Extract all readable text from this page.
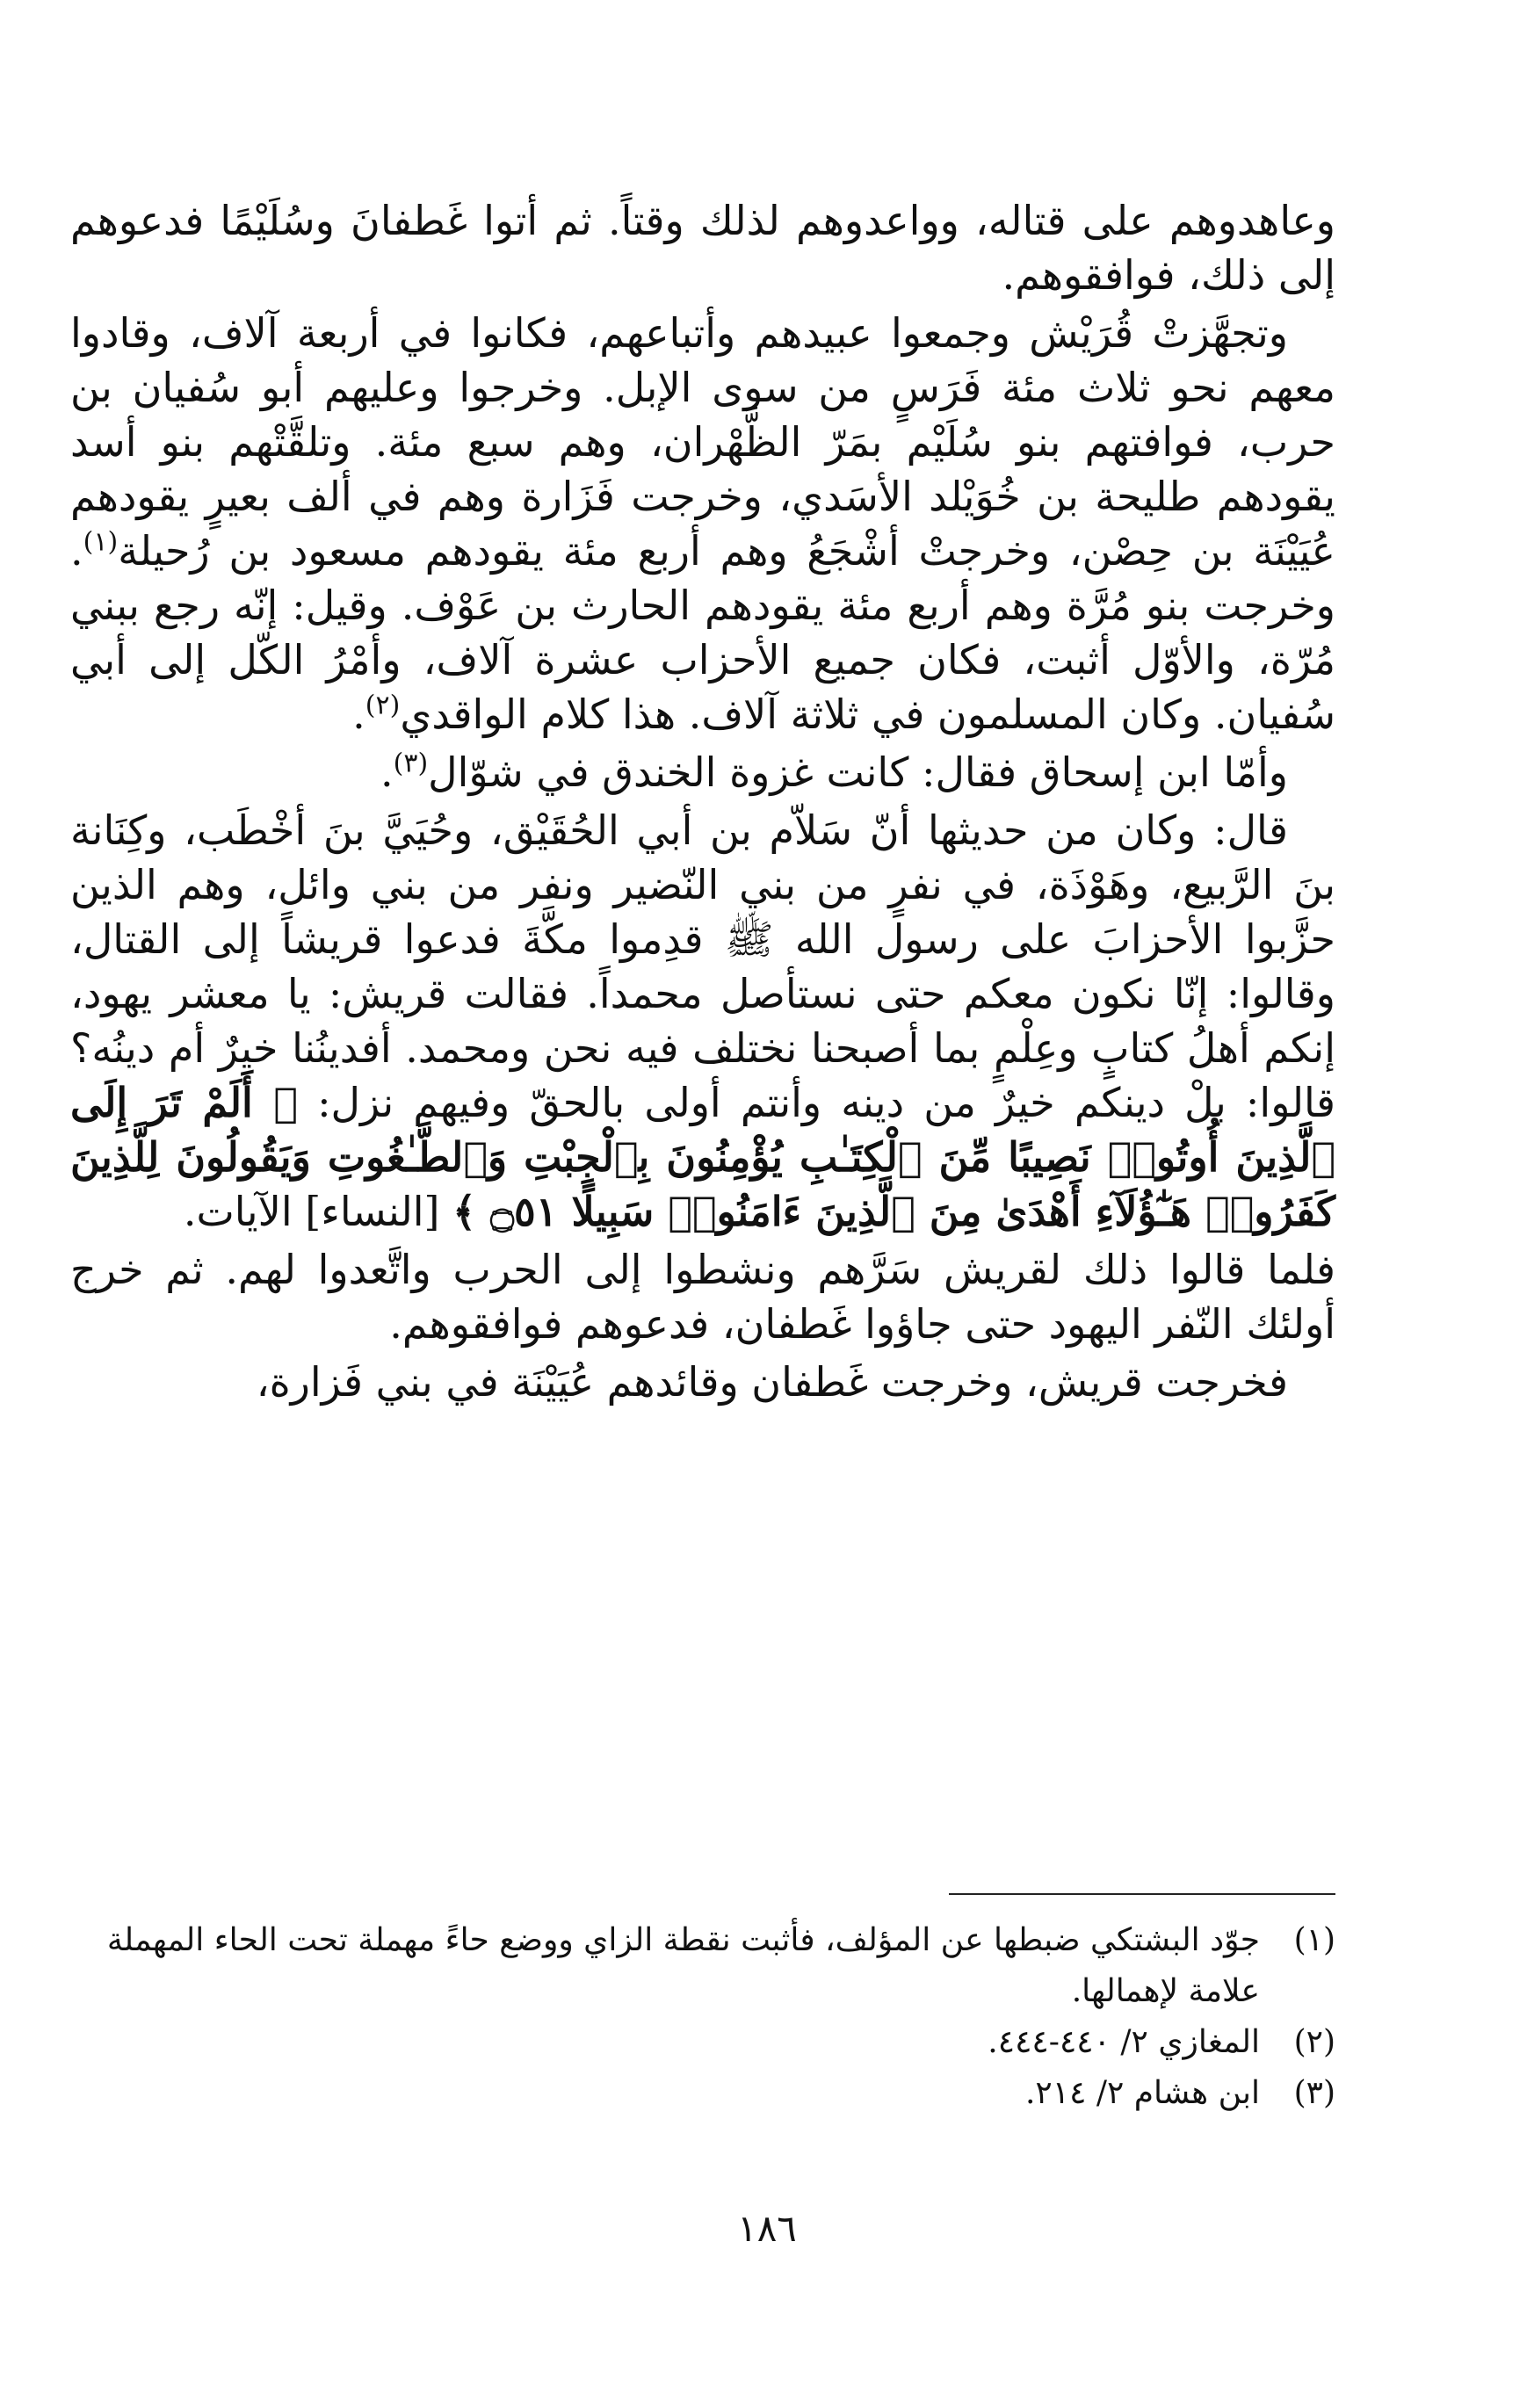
وعاهدوهم على قتاله، وواعدوهم لذلك وقتاً. ثم أتوا غَطفانَ وسُلَيْمًا فدعوهم إلى ذلك، فوافقوهم.

وتجهَّزتْ قُرَيْش وجمعوا عبيدهم وأتباعهم، فكانوا في أربعة آلاف، وقادوا معهم نحو ثلاث مئة فَرَسٍ من سوى الإبل. وخرجوا وعليهم أبو سُفيان بن حرب، فوافتهم بنو سُلَيْم بمَرّ الظَّهْران، وهم سبع مئة. وتلقَّتْهم بنو أسد يقودهم طليحة بن خُوَيْلد الأسَدي، وخرجت فَزَارة وهم في ألف بعيرٍ يقودهم عُيَيْنَة بن حِصْن، وخرجتْ أشْجَعُ وهم أربع مئة يقودهم مسعود بن رُحيلة$^{(١)}$. وخرجت بنو مُرَّة وهم أربع مئة يقودهم الحارث بن عَوْف. وقيل: إنّه رجع ببني مُرّة، والأوّل أثبت، فكان جميع الأحزاب عشرة آلاف، وأمْرُ الكّل إلى أبي سُفيان. وكان المسلمون في ثلاثة آلاف. هذا كلام الواقدي$^{(٢)}$.

وأمّا ابن إسحاق فقال: كانت غزوة الخندق في شوّال$^{(٣)}$.

قال: وكان من حديثها أنّ سَلاّم بن أبي الحُقَيْق، وحُيَيَّ بنَ أخْطَب، وكِنَانة بنَ الرَّبيع، وهَوْذَة، في نفرٍ من بني النّضير ونفر من بني وائل، وهم الذين حزَّبوا الأحزابَ على رسول الله ﷺ قدِموا مكَّةَ فدعوا قريشاً إلى القتال، وقالوا: إنّا نكون معكم حتى نستأصل محمداً. فقالت قريش: يا معشر يهود، إنكم أهلُ كتابٍ وعِلْمٍ بما أصبحنا نختلف فيه نحن ومحمد. أفدينُنا خيرٌ أم دينُه؟ قالوا: بلْ دينكم خيرٌ من دينه وأنتم أولى بالحقّ وفيهم نزل: ﴿ أَلَمْ تَرَ إِلَى ٱلَّذِينَ أُوتُوا۟ نَصِيبًا مِّنَ ٱلْكِتَـٰبِ يُؤْمِنُونَ بِٱلْجِبْتِ وَٱلطَّـٰغُوتِ وَيَقُولُونَ لِلَّذِينَ كَفَرُوا۟ هَـٰٓؤُلَآءِ أَهْدَىٰ مِنَ ٱلَّذِينَ ءَامَنُوا۟ سَبِيلًا ۝٥١ ﴾ [النساء] الآيات.

فلما قالوا ذلك لقريش سَرَّهم ونشطوا إلى الحرب واتَّعدوا لهم. ثم خرج أولئك النّفر اليهود حتى جاؤوا غَطفان، فدعوهم فوافقوهم.

فخرجت قريش، وخرجت غَطفان وقائدهم عُيَيْنَة في بني فَزارة،

(١)
جوّد البشتكي ضبطها عن المؤلف، فأثبت نقطة الزاي ووضع حاءً مهملة تحت الحاء المهملة علامة لإهمالها.
(٢)
المغازي ٢/ ٤٤٠-٤٤٤.
(٣)
ابن هشام ٢/ ٢١٤.
١٨٦
